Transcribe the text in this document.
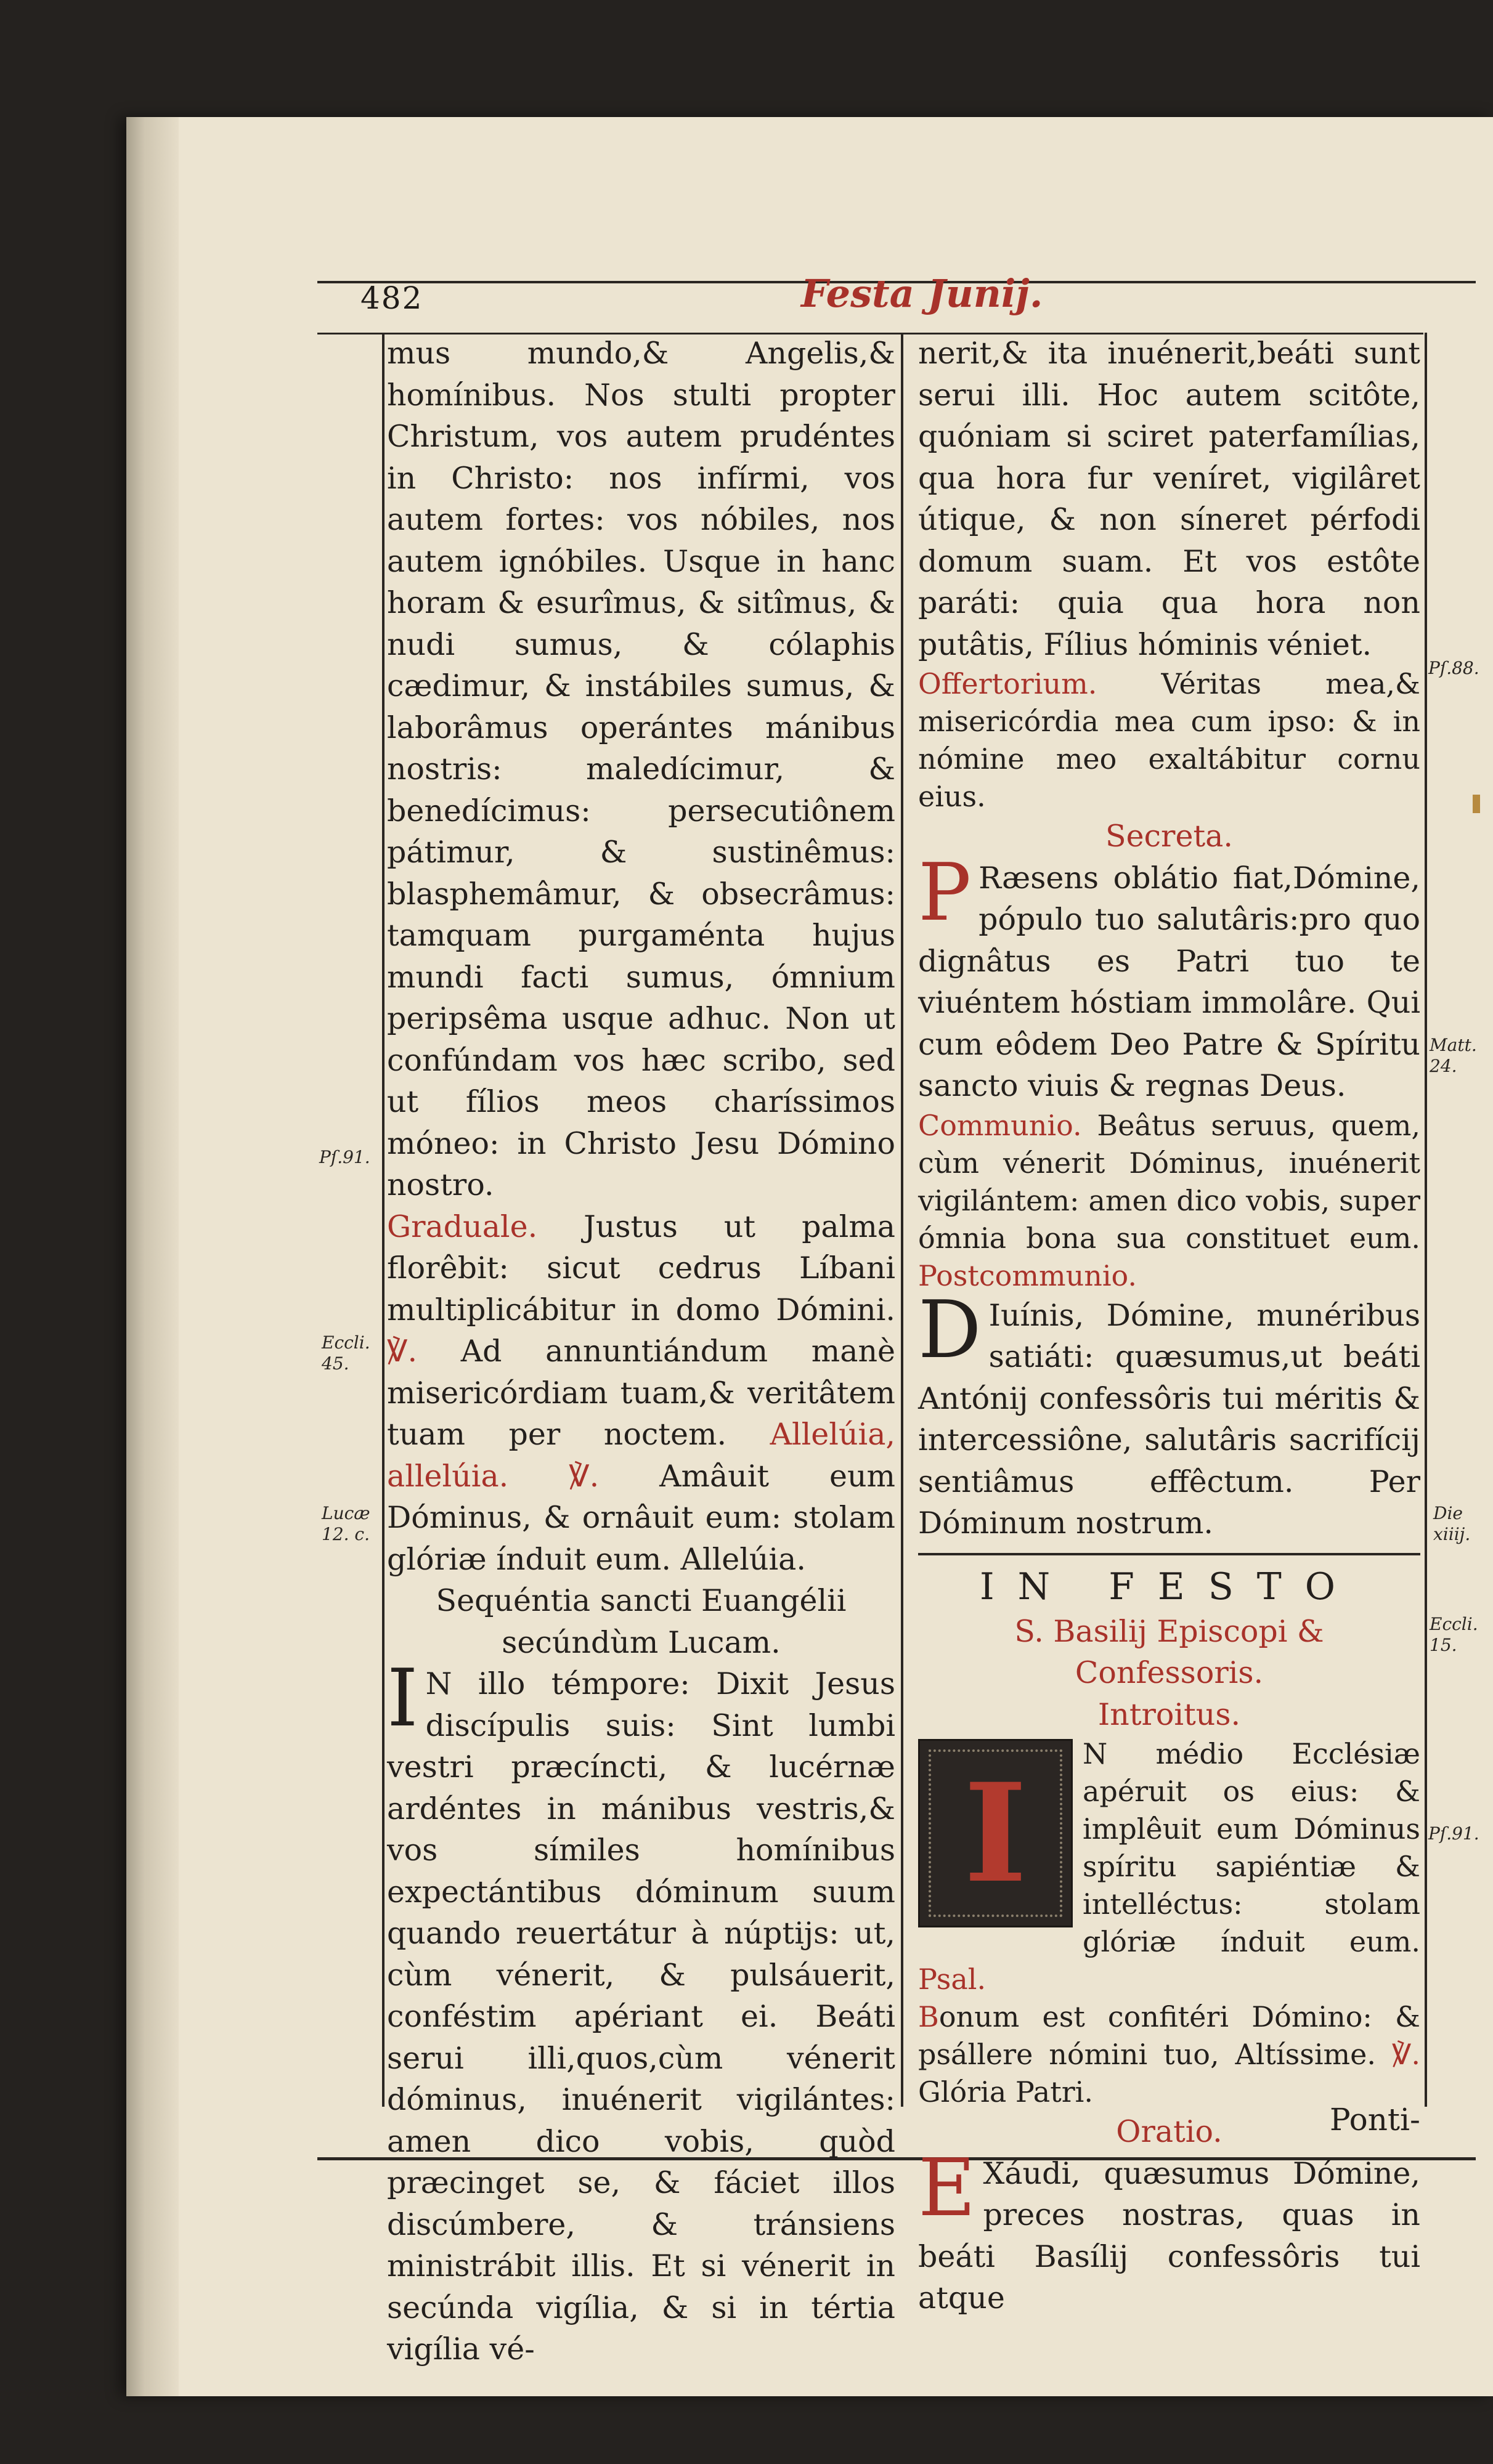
482	Festa Junij.

mus mundo,& Angelis,& homínibus. Nos stulti propter Christum, vos autem prudéntes in Christo: nos infírmi, vos autem fortes: vos nóbiles, nos autem ignóbiles. Usque in hanc horam & esurîmus, & sitîmus, & nudi sumus, & cólaphis cædimur, & instábiles sumus, & laborâmus operántes mánibus nostris: maledícimur, & benedícimus: persecutiônem pátimur, & sustinêmus: blasphemâmur, & obsecrâmus: tamquam purgaménta hujus mundi facti sumus, ómnium peripsêma usque adhuc. Non ut confúndam vos hæc scribo, sed ut fílios meos charíssimos móneo: in Christo Jesu Dómino nostro.

Graduale. Justus ut palma florêbit: sicut cedrus Líbani multiplicábitur in domo Dómini. ℣. Ad annuntiándum manè misericórdiam tuam,& veritâtem tuam per noctem. Allelúia, allelúia. ℣. Amâuit eum Dóminus, & ornâuit eum: stolam glóriæ índuit eum. Allelúia.

Sequéntia sancti Euangélii

secúndùm Lucam.

I N illo témpore: Dixit Jesus discípulis suis: Sint lumbi vestri præcíncti, & lucérnæ ardéntes in mánibus vestris,& vos símiles homínibus expectántibus dóminum suum quando reuertátur à núptijs: ut, cùm vénerit, & pulsáuerit, conféstim apériant ei. Beáti serui illi,quos,cùm vénerit dóminus, inuénerit vigilántes: amen dico vobis, quòd præcinget se, & fáciet illos discúmbere, & tránsiens ministrábit illis. Et si vénerit in secúnda vigília, & si in tértia vigília vé-

nerit,& ita inuénerit,beáti sunt serui illi. Hoc autem scitôte, quóniam si sciret paterfamílias, qua hora fur veníret, vigilâret útique, & non síneret pérfodi domum suam. Et vos estôte paráti: quia qua hora non putâtis, Fílius hóminis véniet.

Offertorium. Véritas mea,& misericórdia mea cum ipso: & in nómine meo exaltábitur cornu eius.

Secreta.

P Ræsens oblátio fiat,Dómine, pópulo tuo salutâris:pro quo dignâtus es Patri tuo te viuéntem hóstiam immolâre. Qui cum eôdem Deo Patre & Spíritu sancto viuis & regnas Deus.

Communio. Beâtus seruus, quem, cùm vénerit Dóminus, inuénerit vigilántem: amen dico vobis, super ómnia bona sua constituet eum. Postcommunio.

D Iuínis, Dómine, munéribus satiáti: quæsumus,ut beáti Antónij confessôris tui méritis & intercessiône, salutâris sacrifícij sentiâmus effêctum. Per Dóminum nostrum.

IN FESTO

S. Basilij Episcopi & Confessoris.

Introitus.

I	N médio Ecclésiæ apéruit os eius: & implêuit eum Dóminus spíritu sapiéntiæ & intelléctus: stolam glóriæ índuit eum. Psal.

Bonum est confitéri Dómino: & psállere nómini tuo, Altíssime. ℣. Glória Patri.

Oratio.

E Xáudi, quæsumus Dómine, preces nostras, quas in beáti Basílij confessôris tui atque

Pſ.91.
Eccli. 45.
Lucæ 12. c.
Pſ.88.
Matt. 24.
Die xiiij.
Eccli. 15.
Pſ.91.
Ponti-
